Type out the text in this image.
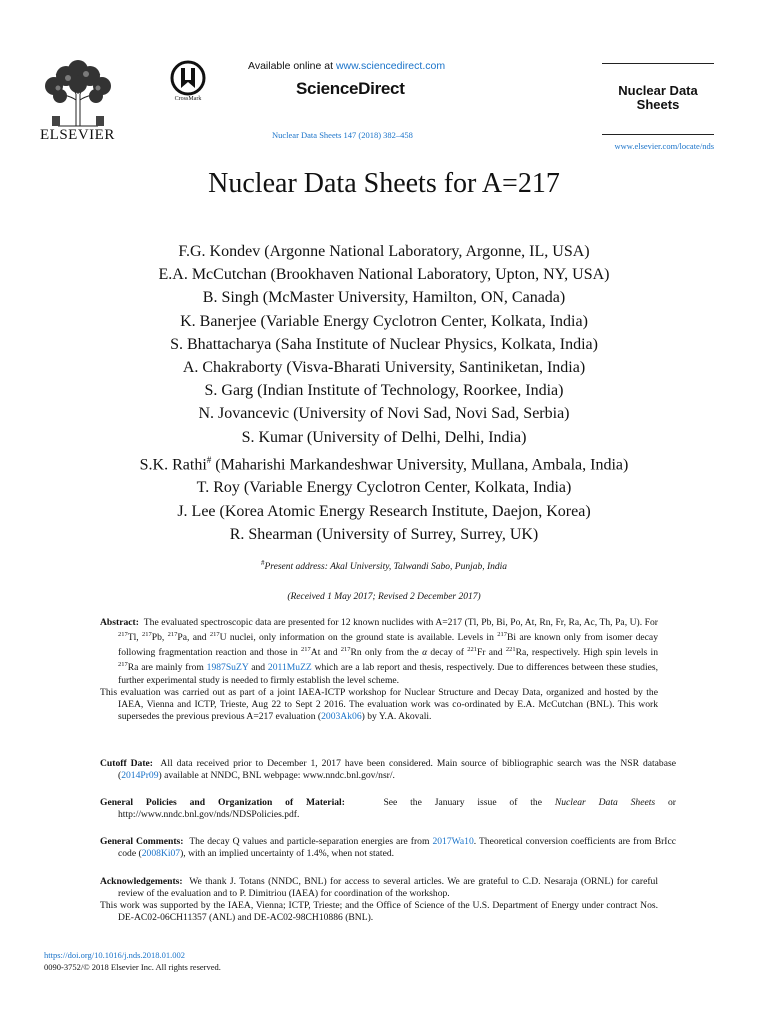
ELSEVIER
CrossMark
Available online at www.sciencedirect.com
ScienceDirect
Nuclear Data Sheets 147 (2018) 382–458
Nuclear Data
Sheets
www.elsevier.com/locate/nds
Nuclear Data Sheets for A=217
F.G. Kondev (Argonne National Laboratory, Argonne, IL, USA)
E.A. McCutchan (Brookhaven National Laboratory, Upton, NY, USA)
B. Singh (McMaster University, Hamilton, ON, Canada)
K. Banerjee (Variable Energy Cyclotron Center, Kolkata, India)
S. Bhattacharya (Saha Institute of Nuclear Physics, Kolkata, India)
A. Chakraborty (Visva-Bharati University, Santiniketan, India)
S. Garg (Indian Institute of Technology, Roorkee, India)
N. Jovancevic (University of Novi Sad, Novi Sad, Serbia)
S. Kumar (University of Delhi, Delhi, India)
S.K. Rathi# (Maharishi Markandeshwar University, Mullana, Ambala, India)
T. Roy (Variable Energy Cyclotron Center, Kolkata, India)
J. Lee (Korea Atomic Energy Research Institute, Daejon, Korea)
R. Shearman (University of Surrey, Surrey, UK)
#Present address: Akal University, Talwandi Sabo, Punjab, India
(Received 1 May 2017; Revised 2 December 2017)
Abstract: The evaluated spectroscopic data are presented for 12 known nuclides with A=217 (Tl, Pb, Bi, Po, At, Rn, Fr, Ra, Ac, Th, Pa, U). For $^{217}$Tl, $^{217}$Pb, $^{217}$Pa, and $^{217}$U nuclei, only information on the ground state is available. Levels in $^{217}$Bi are known only from isomer decay following fragmentation reaction and those in $^{217}$At and $^{217}$Rn only from the α decay of $^{221}$Fr and $^{221}$Ra, respectively. High spin levels in $^{217}$Ra are mainly from 1987SuZY and 2011MuZZ which are a lab report and thesis, respectively. Due to differences between these studies, further experimental study is needed to firmly establish the level scheme.
This evaluation was carried out as part of a joint IAEA-ICTP workshop for Nuclear Structure and Decay Data, organized and hosted by the IAEA, Vienna and ICTP, Trieste, Aug 22 to Sept 2 2016. The evaluation work was co-ordinated by E.A. McCutchan (BNL). This work supersedes the previous previous A=217 evaluation (2003Ak06) by Y.A. Akovali.
Cutoff Date: All data received prior to December 1, 2017 have been considered. Main source of bibliographic search was the NSR database (2014Pr09) available at NNDC, BNL webpage: www.nndc.bnl.gov/nsr/.
General Policies and Organization of Material:	See the January issue of the Nuclear Data Sheets or http://www.nndc.bnl.gov/nds/NDSPolicies.pdf.
General Comments: The decay Q values and particle-separation energies are from 2017Wa10. Theoretical conversion coefficients are from BrIcc code (2008Ki07), with an implied uncertainty of 1.4%, when not stated.
Acknowledgements: We thank J. Totans (NNDC, BNL) for access to several articles. We are grateful to C.D. Nesaraja (ORNL) for careful review of the evaluation and to P. Dimitriou (IAEA) for coordination of the workshop.
This work was supported by the IAEA, Vienna; ICTP, Trieste; and the Office of Science of the U.S. Department of Energy under contract Nos. DE-AC02-06CH11357 (ANL) and DE-AC02-98CH10886 (BNL).
https://doi.org/10.1016/j.nds.2018.01.002
0090-3752/© 2018 Elsevier Inc. All rights reserved.
